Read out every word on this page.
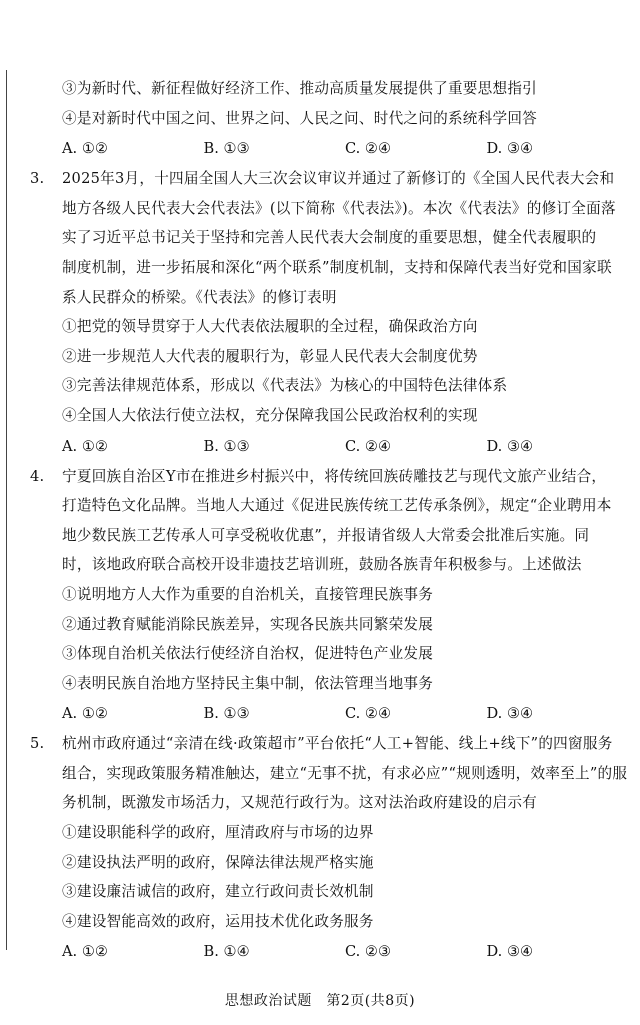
③为新时代、新征程做好经济工作、推动高质量发展提供了重要思想指引
④是对新时代中国之问、世界之问、人民之问、时代之问的系统科学回答
A. ①②	B. ①③	C. ②④	D. ③④
3. 2025年3月，十四届全国人大三次会议审议并通过了新修订的《全国人民代表大会和
地方各级人民代表大会代表法》(以下简称《代表法》)。本次《代表法》的修订全面落
实了习近平总书记关于坚持和完善人民代表大会制度的重要思想，健全代表履职的
制度机制，进一步拓展和深化“两个联系”制度机制，支持和保障代表当好党和国家联
系人民群众的桥梁。《代表法》的修订表明
①把党的领导贯穿于人大代表依法履职的全过程，确保政治方向
②进一步规范人大代表的履职行为，彰显人民代表大会制度优势
③完善法律规范体系，形成以《代表法》为核心的中国特色法律体系
④全国人大依法行使立法权，充分保障我国公民政治权利的实现
A. ①②	B. ①③	C. ②④	D. ③④
4. 宁夏回族自治区Y市在推进乡村振兴中，将传统回族砖雕技艺与现代文旅产业结合，
打造特色文化品牌。当地人大通过《促进民族传统工艺传承条例》，规定“企业聘用本
地少数民族工艺传承人可享受税收优惠”，并报请省级人大常委会批准后实施。同
时，该地政府联合高校开设非遗技艺培训班，鼓励各族青年积极参与。上述做法
①说明地方人大作为重要的自治机关，直接管理民族事务
②通过教育赋能消除民族差异，实现各民族共同繁荣发展
③体现自治机关依法行使经济自治权，促进特色产业发展
④表明民族自治地方坚持民主集中制，依法管理当地事务
A. ①②	B. ①③	C. ②④	D. ③④
5. 杭州市政府通过“亲清在线·政策超市”平台依托“人工+智能、线上+线下”的四窗服务
组合，实现政策服务精准触达，建立“无事不扰，有求必应”“规则透明，效率至上”的服
务机制，既激发市场活力，又规范行政行为。这对法治政府建设的启示有
①建设职能科学的政府，厘清政府与市场的边界
②建设执法严明的政府，保障法律法规严格实施
③建设廉洁诚信的政府，建立行政问责长效机制
④建设智能高效的政府，运用技术优化政务服务
A. ①②	B. ①④	C. ②③	D. ③④
思想政治试题　第2页(共8页)
